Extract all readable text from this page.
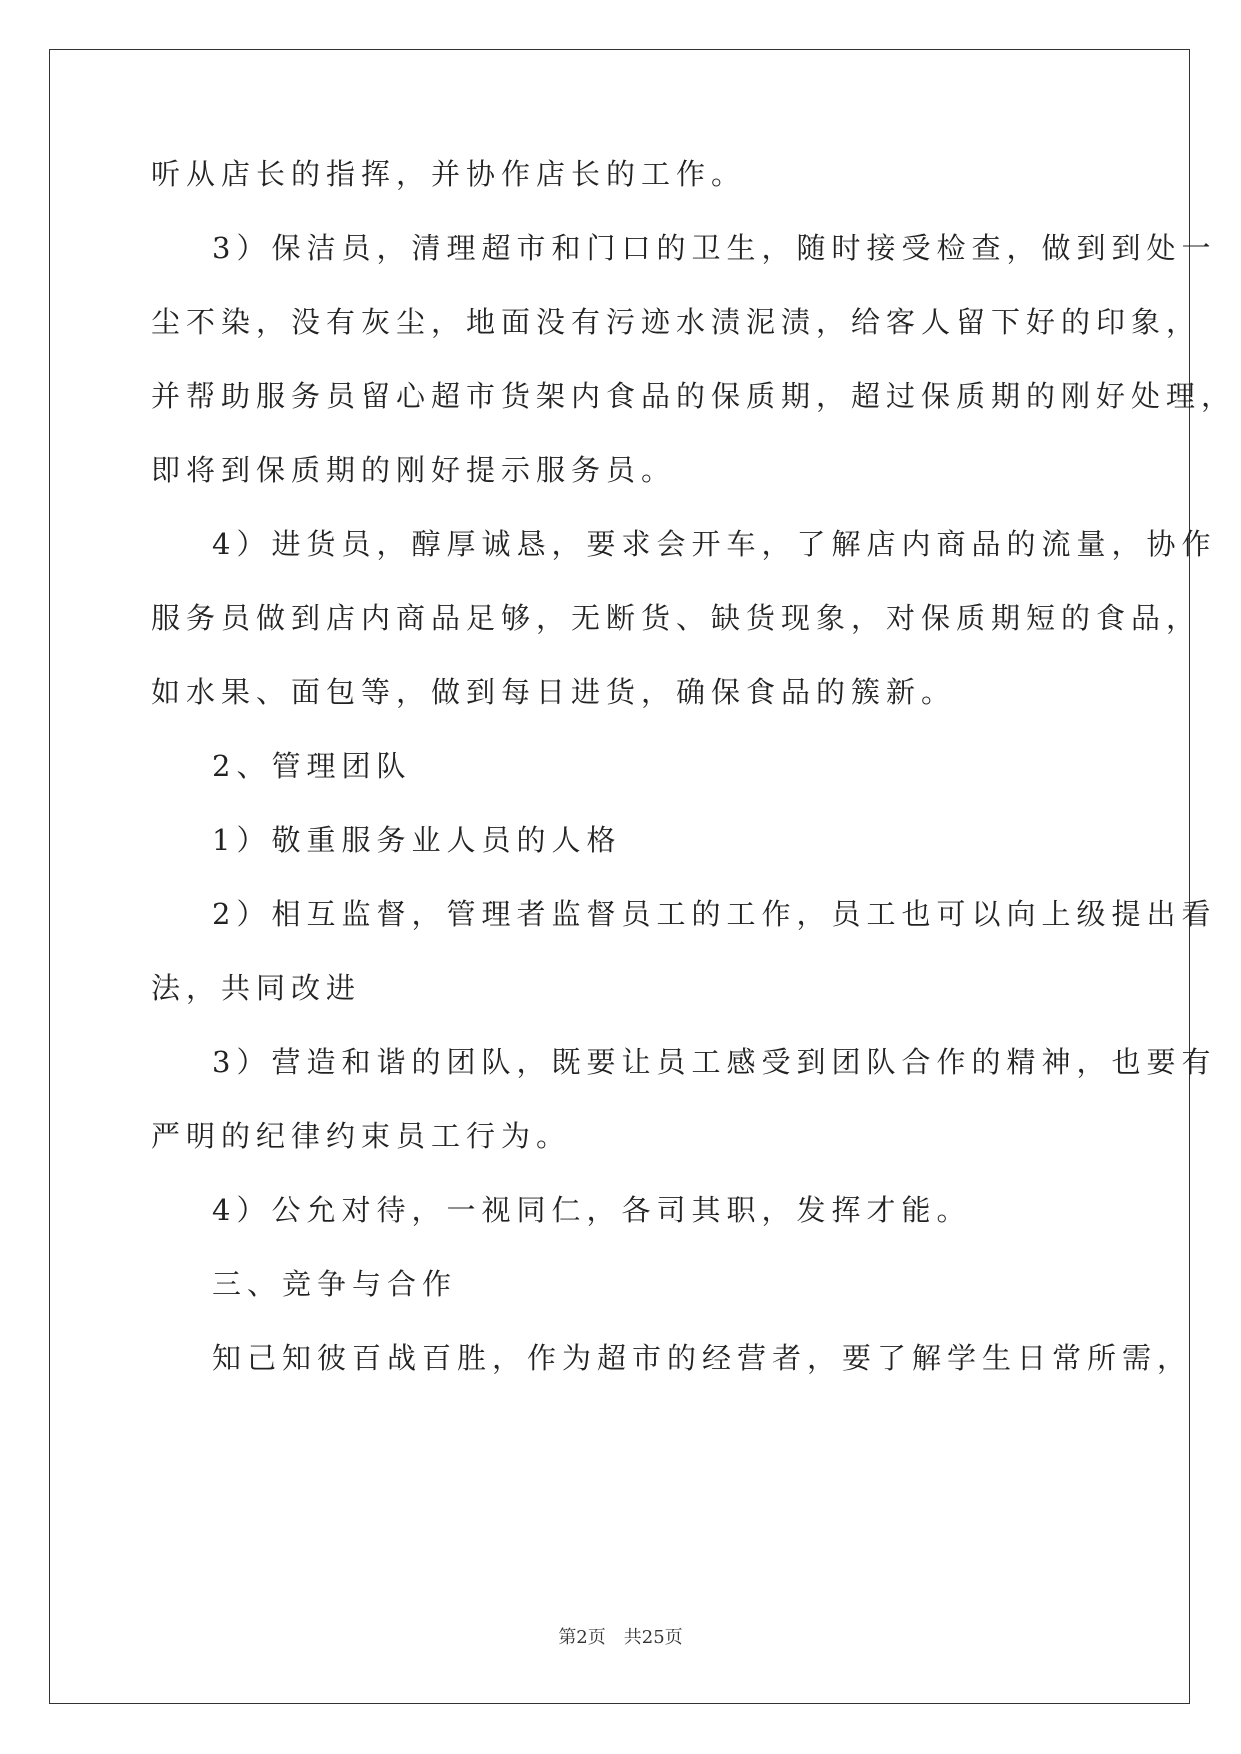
听从店长的指挥，并协作店长的工作。
3）保洁员，清理超市和门口的卫生，随时接受检查，做到到处一
尘不染，没有灰尘，地面没有污迹水渍泥渍，给客人留下好的印象，
并帮助服务员留心超市货架内食品的保质期，超过保质期的刚好处理，
即将到保质期的刚好提示服务员。
4）进货员，醇厚诚恳，要求会开车，了解店内商品的流量，协作
服务员做到店内商品足够，无断货、缺货现象，对保质期短的食品，
如水果、面包等，做到每日进货，确保食品的簇新。
2、管理团队
1）敬重服务业人员的人格
2）相互监督，管理者监督员工的工作，员工也可以向上级提出看
法，共同改进
3）营造和谐的团队，既要让员工感受到团队合作的精神，也要有
严明的纪律约束员工行为。
4）公允对待，一视同仁，各司其职，发挥才能。
三、竞争与合作
知己知彼百战百胜，作为超市的经营者，要了解学生日常所需，
第2页　共25页
